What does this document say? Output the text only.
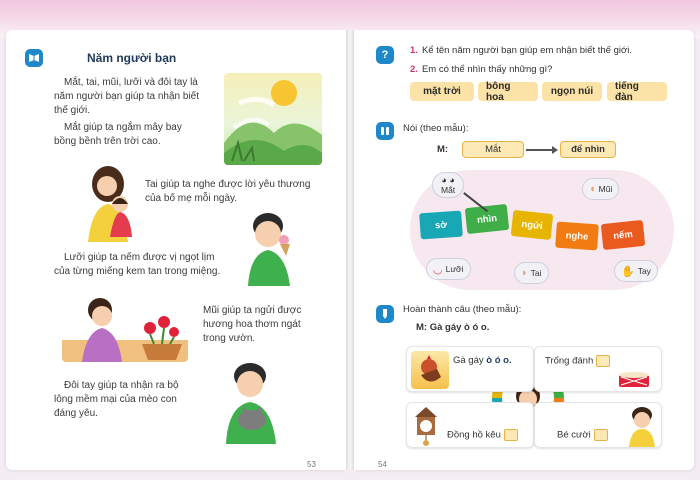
Năm người bạn
Mắt, tai, mũi, lưỡi và đôi tay là
năm người bạn giúp ta nhận biết
thế giới.
Mắt giúp ta ngắm mây bay
bồng bềnh trên trời cao.
Tai giúp ta nghe được lời yêu thương
của bố mẹ mỗi ngày.
Lưỡi giúp ta nếm được vị ngọt lịm
của từng miếng kem tan trong miệng.
Mũi giúp ta ngửi được
hương hoa thơm ngát
trong vườn.
Đôi tay giúp ta nhận ra bộ
lông mềm mại của mèo con
đáng yêu.
53
?	1. Kể tên năm người bạn giúp em nhận biết thế giới.
2. Em có thể nhìn thấy những gì?
mặt trời	bông hoa	ngọn núi	tiếng đàn
Nói (theo mẫu):
M:	Mắt	để nhìn
sờ	nhìn	ngửi
nghe	nếm
◕ ◕
Mắt	◖ Mũi
◡ Lưỡi	◗ Tai	✋ Tay
Hoàn thành câu (theo mẫu):
M: Gà gáy ò ó o.
Gà gáy ò ó o.	Trống đánh
Đồng hồ kêu	Bé cười
54
